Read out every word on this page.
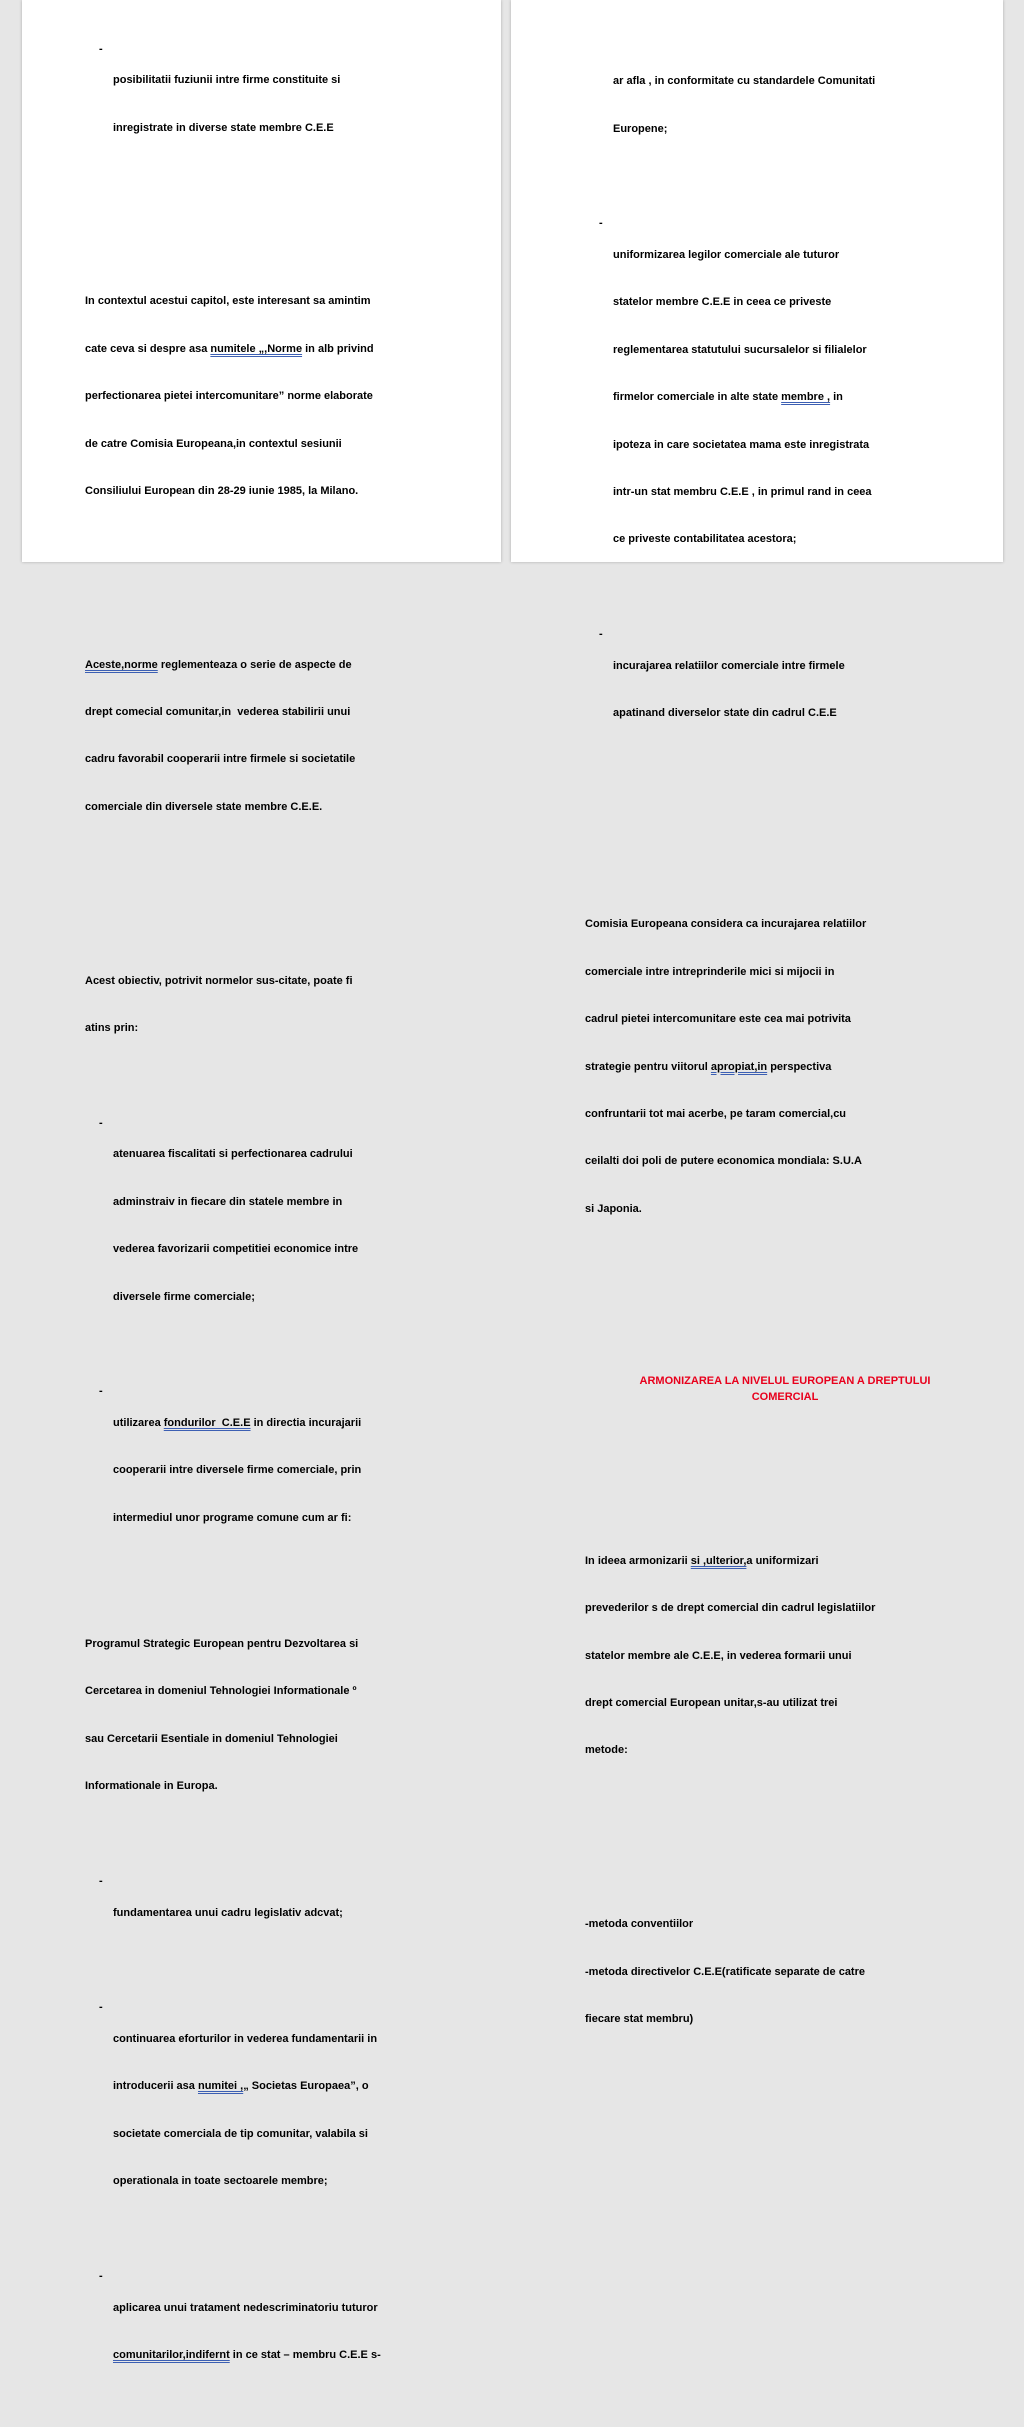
- posibilitatii fuziunii intre firme constituite si

inregistrate in diverse state membre C.E.E

In contextul acestui capitol, este interesant sa amintim

cate ceva si despre asa numitele „,Norme in alb privind

perfectionarea pietei intercomunitare” norme elaborate

de catre Comisia Europeana,in contextul sesiunii

Consiliului European din 28-29 iunie 1985, la Milano.

Aceste,norme reglementeaza o serie de aspecte de

drept comecial comunitar,in  vederea stabilirii unui

cadru favorabil cooperarii intre firmele si societatile

comerciale din diversele state membre C.E.E.

Acest obiectiv, potrivit normelor sus-citate, poate fi

atins prin:

- atenuarea fiscalitati si perfectionarea cadrului

adminstraiv in fiecare din statele membre in

vederea favorizarii competitiei economice intre

diversele firme comerciale;

- utilizarea fondurilor  C.E.E in directia incurajarii

cooperarii intre diversele firme comerciale, prin

intermediul unor programe comune cum ar fi:

Programul Strategic European pentru Dezvoltarea si

Cercetarea in domeniul Tehnologiei Informationale º

sau Cercetarii Esentiale in domeniul Tehnologiei

Informationale in Europa.

- fundamentarea unui cadru legislativ adcvat;

- continuarea eforturilor in vederea fundamentarii in

introducerii asa numitei ,„ Societas Europaea”, o

societate comerciala de tip comunitar, valabila si

operationala in toate sectoarele membre;

- aplicarea unui tratament nedescriminatoriu tuturor

comunitarilor,indifernt in ce stat – membru C.E.E s-

ar afla , in conformitate cu standardele Comunitati

Europene;

- uniformizarea legilor comerciale ale tuturor

statelor membre C.E.E in ceea ce priveste

reglementarea statutului sucursalelor si filialelor

firmelor comerciale in alte state membre , in

ipoteza in care societatea mama este inregistrata

intr-un stat membru C.E.E , in primul rand in ceea

ce priveste contabilitatea acestora;

- incurajarea relatiilor comerciale intre firmele

apatinand diverselor state din cadrul C.E.E

Comisia Europeana considera ca incurajarea relatiilor

comerciale intre intreprinderile mici si mijocii in

cadrul pietei intercomunitare este cea mai potrivita

strategie pentru viitorul apropiat,in perspectiva

confruntarii tot mai acerbe, pe taram comercial,cu

ceilalti doi poli de putere economica mondiala: S.U.A

si Japonia.

ARMONIZAREA LA NIVELUL EUROPEAN A DREPTULUI
COMERCIAL

In ideea armonizarii si ,ulterior,a uniformizari

prevederilor s de drept comercial din cadrul legislatiilor

statelor membre ale C.E.E, in vederea formarii unui

drept comercial European unitar,s-au utilizat trei

metode:

-metoda conventiilor

-metoda directivelor C.E.E(ratificate separate de catre

fiecare stat membru)
